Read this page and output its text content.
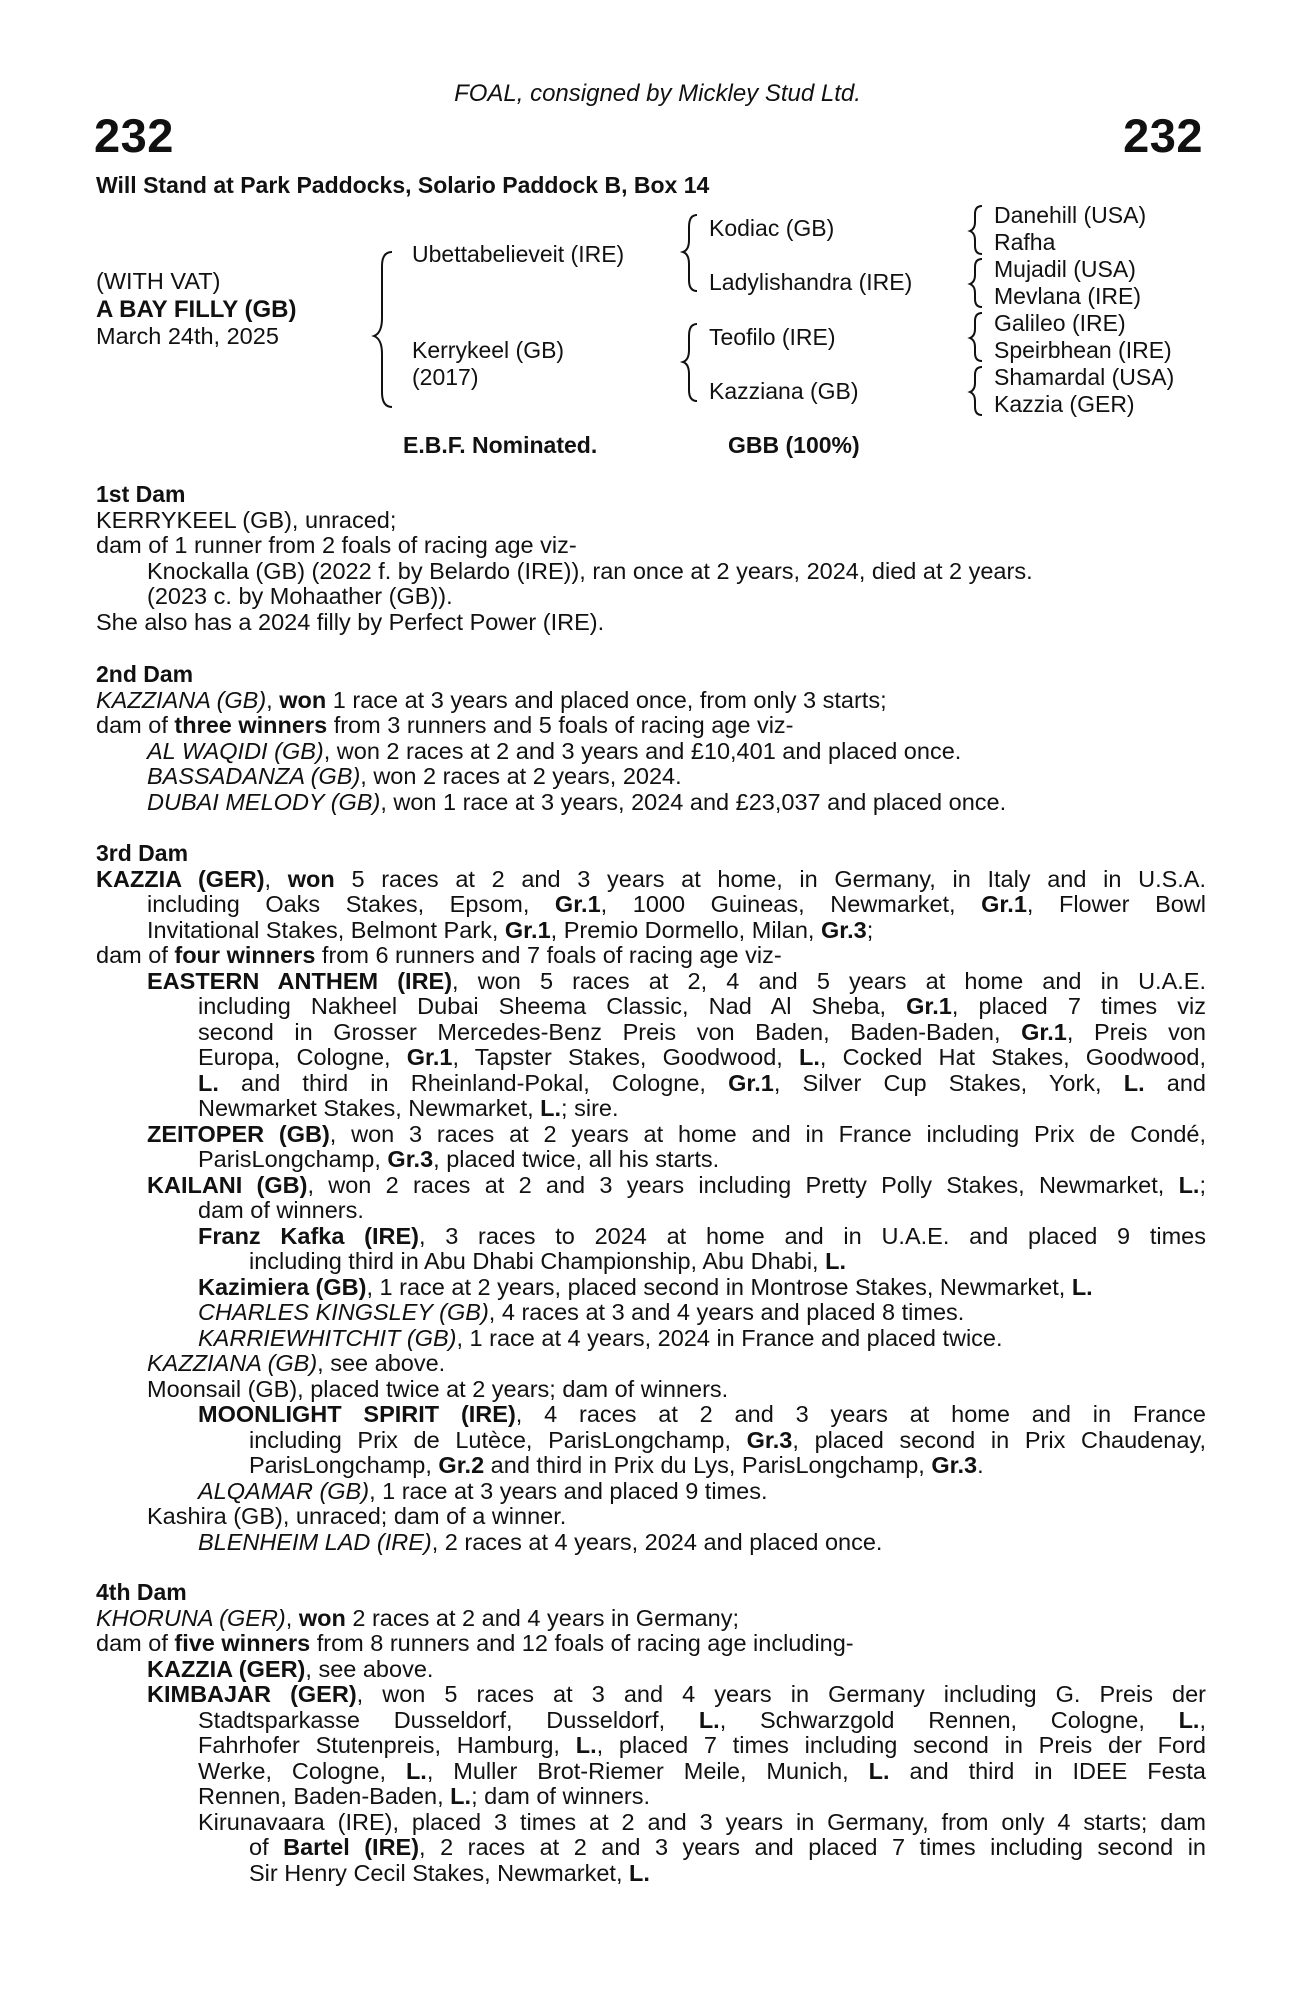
FOAL, consigned by Mickley Stud Ltd.
232	232
Will Stand at Park Paddocks, Solario Paddock B, Box 14
(WITH VAT)
A BAY FILLY (GB)
March 24th, 2025
Ubettabelieveit (IRE)
Kerrykeel (GB)
(2017)
Kodiac (GB)
Ladylishandra (IRE)
Teofilo (IRE)
Kazziana (GB)
Danehill (USA)
Rafha
Mujadil (USA)
Mevlana (IRE)
Galileo (IRE)
Speirbhean (IRE)
Shamardal (USA)
Kazzia (GER)
E.B.F. Nominated.	GBB (100%)
1st Dam
KERRYKEEL (GB), unraced;
dam of 1 runner from 2 foals of racing age viz-
Knockalla (GB) (2022 f. by Belardo (IRE)), ran once at 2 years, 2024, died at 2 years.
(2023 c. by Mohaather (GB)).
She also has a 2024 filly by Perfect Power (IRE).
2nd Dam
KAZZIANA (GB), won 1 race at 3 years and placed once, from only 3 starts;
dam of three winners from 3 runners and 5 foals of racing age viz-
AL WAQIDI (GB), won 2 races at 2 and 3 years and £10,401 and placed once.
BASSADANZA (GB), won 2 races at 2 years, 2024.
DUBAI MELODY (GB), won 1 race at 3 years, 2024 and £23,037 and placed once.
3rd Dam
KAZZIA (GER), won 5 races at 2 and 3 years at home, in Germany, in Italy and in U.S.A.
including Oaks Stakes, Epsom, Gr.1, 1000 Guineas, Newmarket, Gr.1, Flower Bowl
Invitational Stakes, Belmont Park, Gr.1, Premio Dormello, Milan, Gr.3;
dam of four winners from 6 runners and 7 foals of racing age viz-
EASTERN ANTHEM (IRE), won 5 races at 2, 4 and 5 years at home and in U.A.E.
including Nakheel Dubai Sheema Classic, Nad Al Sheba, Gr.1, placed 7 times viz
second in Grosser Mercedes-Benz Preis von Baden, Baden-Baden, Gr.1, Preis von
Europa, Cologne, Gr.1, Tapster Stakes, Goodwood, L., Cocked Hat Stakes, Goodwood,
L. and third in Rheinland-Pokal, Cologne, Gr.1, Silver Cup Stakes, York, L. and
Newmarket Stakes, Newmarket, L.; sire.
ZEITOPER (GB), won 3 races at 2 years at home and in France including Prix de Condé,
ParisLongchamp, Gr.3, placed twice, all his starts.
KAILANI (GB), won 2 races at 2 and 3 years including Pretty Polly Stakes, Newmarket, L.;
dam of winners.
Franz Kafka (IRE), 3 races to 2024 at home and in U.A.E. and placed 9 times
including third in Abu Dhabi Championship, Abu Dhabi, L.
Kazimiera (GB), 1 race at 2 years, placed second in Montrose Stakes, Newmarket, L.
CHARLES KINGSLEY (GB), 4 races at 3 and 4 years and placed 8 times.
KARRIEWHITCHIT (GB), 1 race at 4 years, 2024 in France and placed twice.
KAZZIANA (GB), see above.
Moonsail (GB), placed twice at 2 years; dam of winners.
MOONLIGHT SPIRIT (IRE), 4 races at 2 and 3 years at home and in France
including Prix de Lutèce, ParisLongchamp, Gr.3, placed second in Prix Chaudenay,
ParisLongchamp, Gr.2 and third in Prix du Lys, ParisLongchamp, Gr.3.
ALQAMAR (GB), 1 race at 3 years and placed 9 times.
Kashira (GB), unraced; dam of a winner.
BLENHEIM LAD (IRE), 2 races at 4 years, 2024 and placed once.
4th Dam
KHORUNA (GER), won 2 races at 2 and 4 years in Germany;
dam of five winners from 8 runners and 12 foals of racing age including-
KAZZIA (GER), see above.
KIMBAJAR (GER), won 5 races at 3 and 4 years in Germany including G. Preis der
Stadtsparkasse Dusseldorf, Dusseldorf, L., Schwarzgold Rennen, Cologne, L.,
Fahrhofer Stutenpreis, Hamburg, L., placed 7 times including second in Preis der Ford
Werke, Cologne, L., Muller Brot-Riemer Meile, Munich, L. and third in IDEE Festa
Rennen, Baden-Baden, L.; dam of winners.
Kirunavaara (IRE), placed 3 times at 2 and 3 years in Germany, from only 4 starts; dam
of Bartel (IRE), 2 races at 2 and 3 years and placed 7 times including second in
Sir Henry Cecil Stakes, Newmarket, L.
